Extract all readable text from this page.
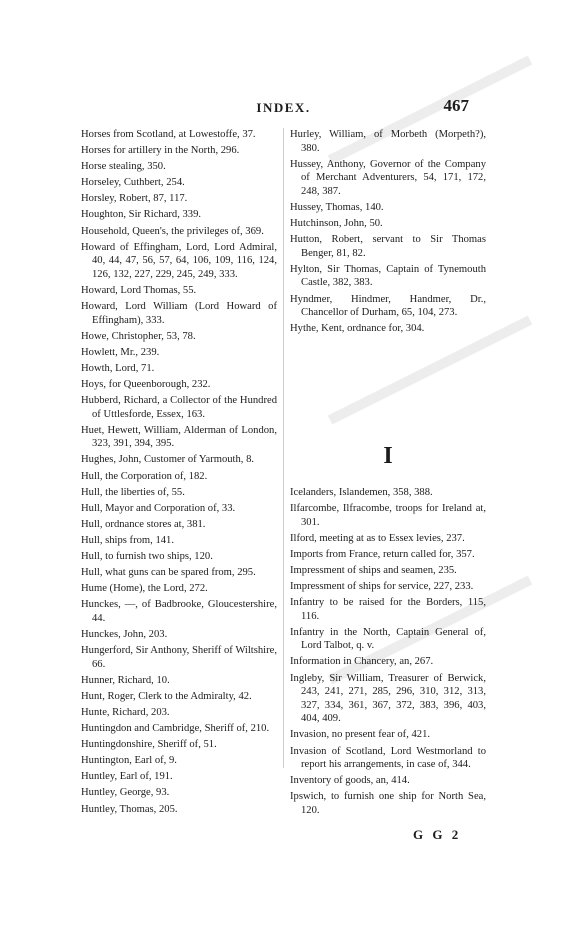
INDEX.	467

Horses from Scotland, at Lowestoffe, 37.

Horses for artillery in the North, 296.

Horse stealing, 350.

Horseley, Cuthbert, 254.

Horsley, Robert, 87, 117.

Houghton, Sir Richard, 339.

Household, Queen's, the privileges of, 369.

Howard of Effingham, Lord, Lord Admiral, 40, 44, 47, 56, 57, 64, 106, 109, 116, 124, 126, 132, 227, 229, 245, 249, 333.

Howard, Lord Thomas, 55.

Howard, Lord William (Lord Howard of Effingham), 333.

Howe, Christopher, 53, 78.

Howlett, Mr., 239.

Howth, Lord, 71.

Hoys, for Queenborough, 232.

Hubberd, Richard, a Collector of the Hundred of Uttlesforde, Essex, 163.

Huet, Hewett, William, Alderman of London, 323, 391, 394, 395.

Hughes, John, Customer of Yarmouth, 8.

Hull, the Corporation of, 182.

Hull, the liberties of, 55.

Hull, Mayor and Corporation of, 33.

Hull, ordnance stores at, 381.

Hull, ships from, 141.

Hull, to furnish two ships, 120.

Hull, what guns can be spared from, 295.

Hume (Home), the Lord, 272.

Hunckes, —, of Badbrooke, Gloucestershire, 44.

Hunckes, John, 203.

Hungerford, Sir Anthony, Sheriff of Wiltshire, 66.

Hunner, Richard, 10.

Hunt, Roger, Clerk to the Admiralty, 42.

Hunte, Richard, 203.

Huntingdon and Cambridge, Sheriff of, 210.

Huntingdonshire, Sheriff of, 51.

Huntington, Earl of, 9.

Huntley, Earl of, 191.

Huntley, George, 93.

Huntley, Thomas, 205.

Hurley, William, of Morbeth (Morpeth?), 380.

Hussey, Anthony, Governor of the Company of Merchant Adventurers, 54, 171, 172, 248, 387.

Hussey, Thomas, 140.

Hutchinson, John, 50.

Hutton, Robert, servant to Sir Thomas Benger, 81, 82.

Hylton, Sir Thomas, Captain of Tynemouth Castle, 382, 383.

Hyndmer, Hindmer, Handmer, Dr., Chancellor of Durham, 65, 104, 273.

Hythe, Kent, ordnance for, 304.

I

Icelanders, Islandemen, 358, 388.

Ilfarcombe, Ilfracombe, troops for Ireland at, 301.

Ilford, meeting at as to Essex levies, 237.

Imports from France, return called for, 357.

Impressment of ships and seamen, 235.

Impressment of ships for service, 227, 233.

Infantry to be raised for the Borders, 115, 116.

Infantry in the North, Captain General of, Lord Talbot, q. v.

Information in Chancery, an, 267.

Ingleby, Sir William, Treasurer of Berwick, 243, 241, 271, 285, 296, 310, 312, 313, 327, 334, 361, 367, 372, 383, 396, 403, 404, 409.

Invasion, no present fear of, 421.

Invasion of Scotland, Lord Westmorland to report his arrangements, in case of, 344.

Inventory of goods, an, 414.

Ipswich, to furnish one ship for North Sea, 120.

G G 2
